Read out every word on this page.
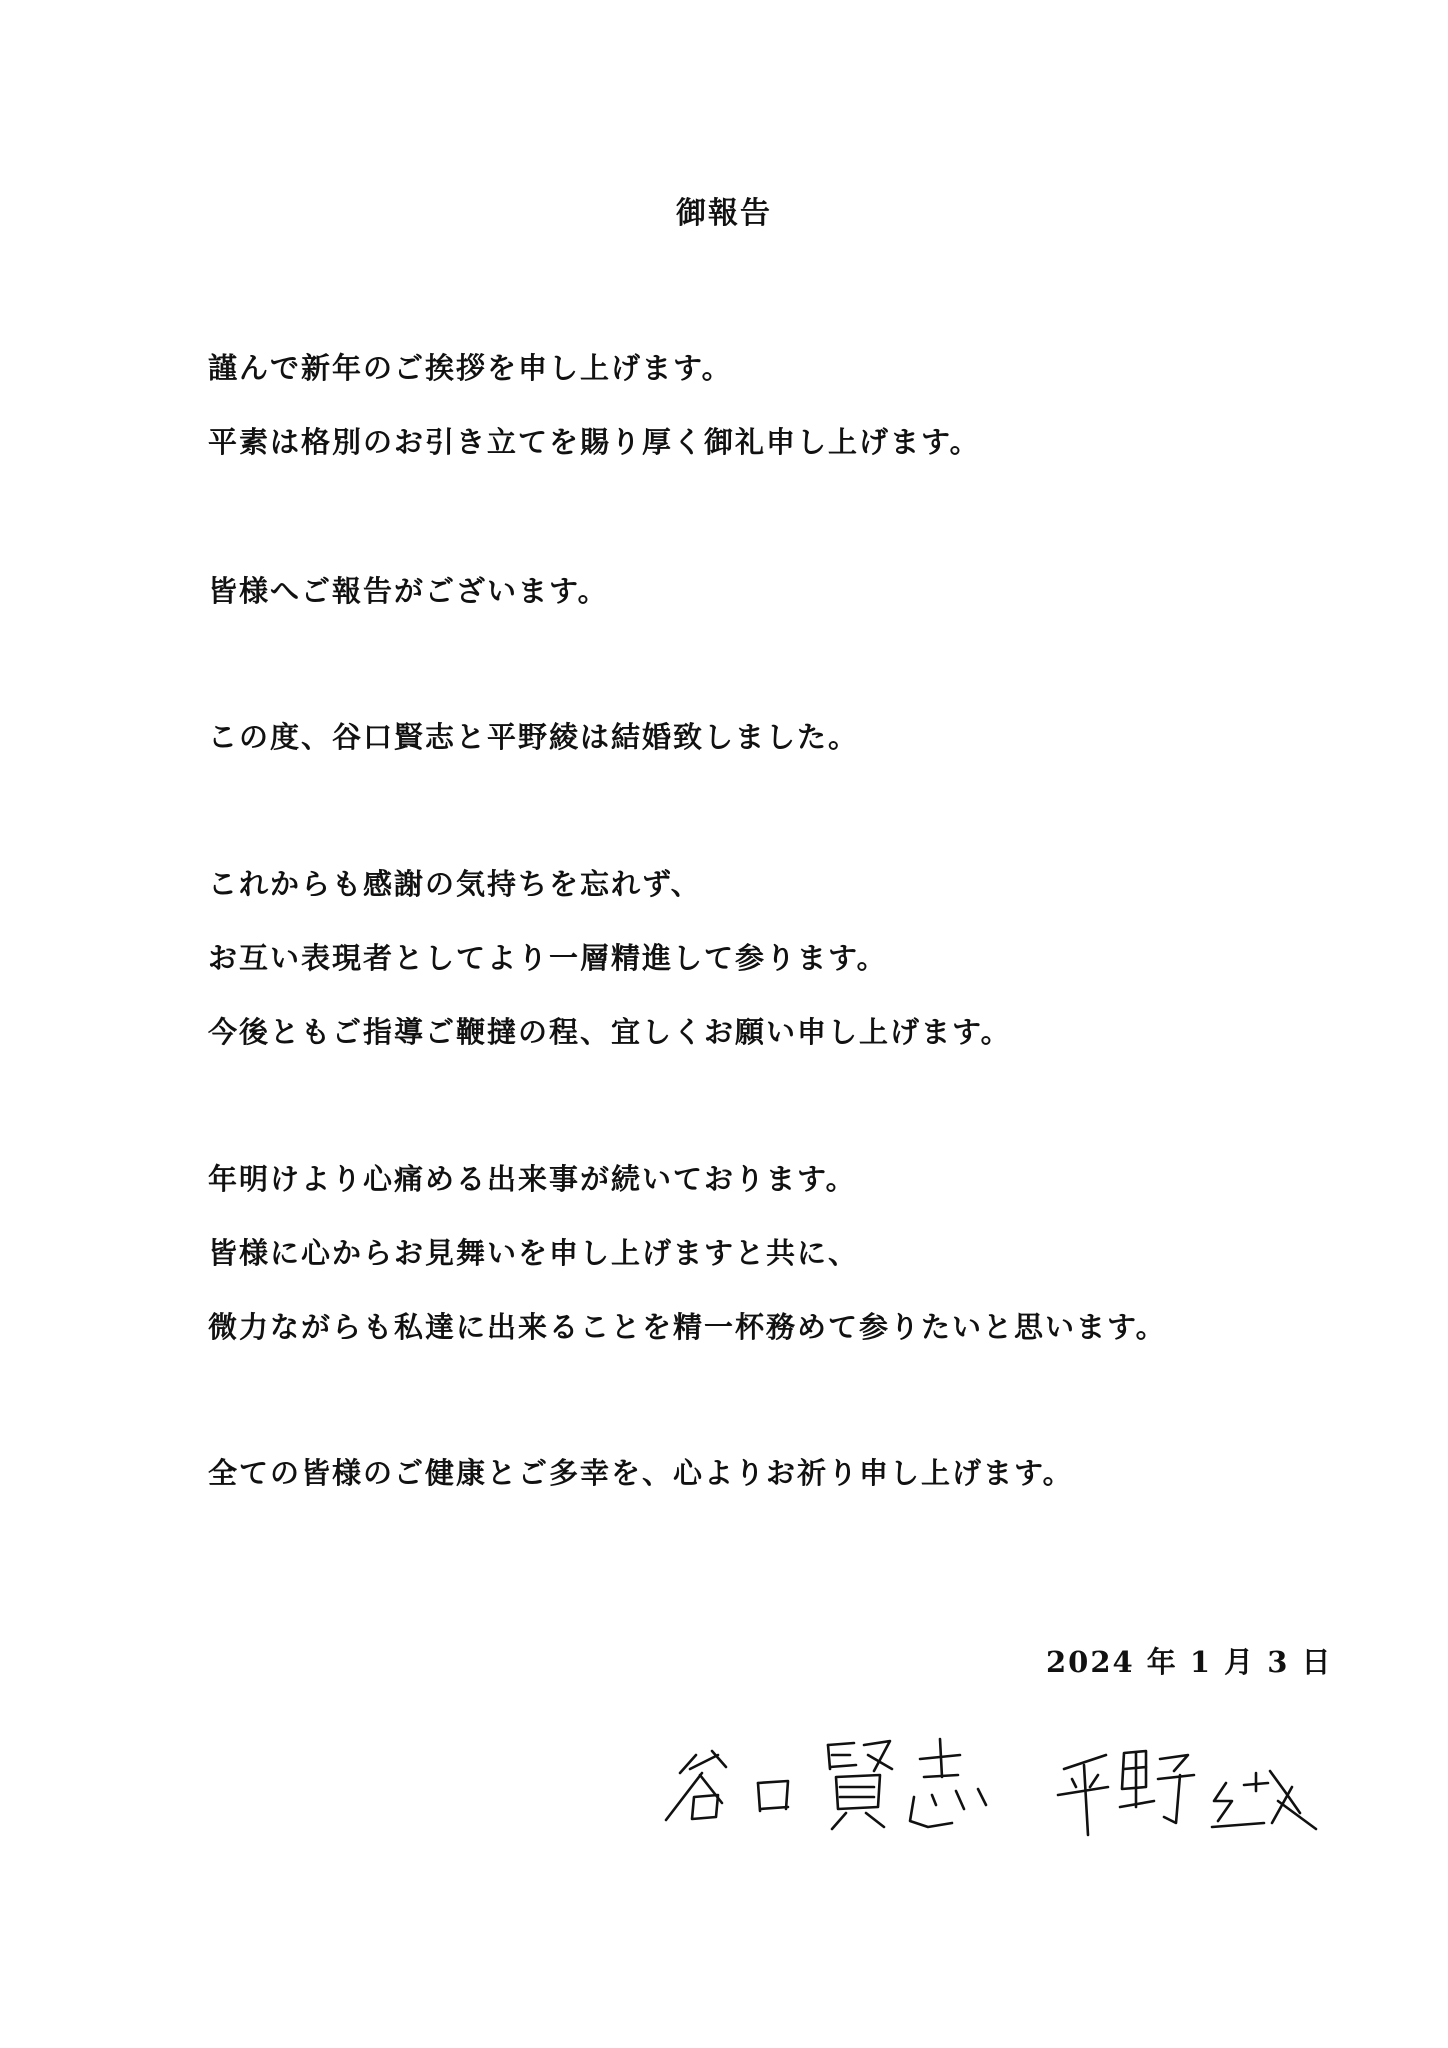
御報告
謹んで新年のご挨拶を申し上げます。
平素は格別のお引き立てを賜り厚く御礼申し上げます。
皆様へご報告がございます。
この度、谷口賢志と平野綾は結婚致しました。
これからも感謝の気持ちを忘れず、
お互い表現者としてより一層精進して参ります。
今後ともご指導ご鞭撻の程、宜しくお願い申し上げます。
年明けより心痛める出来事が続いております。
皆様に心からお見舞いを申し上げますと共に、
微力ながらも私達に出来ることを精一杯務めて参りたいと思います。
全ての皆様のご健康とご多幸を、心よりお祈り申し上げます。
2024 年 1 月 3 日
